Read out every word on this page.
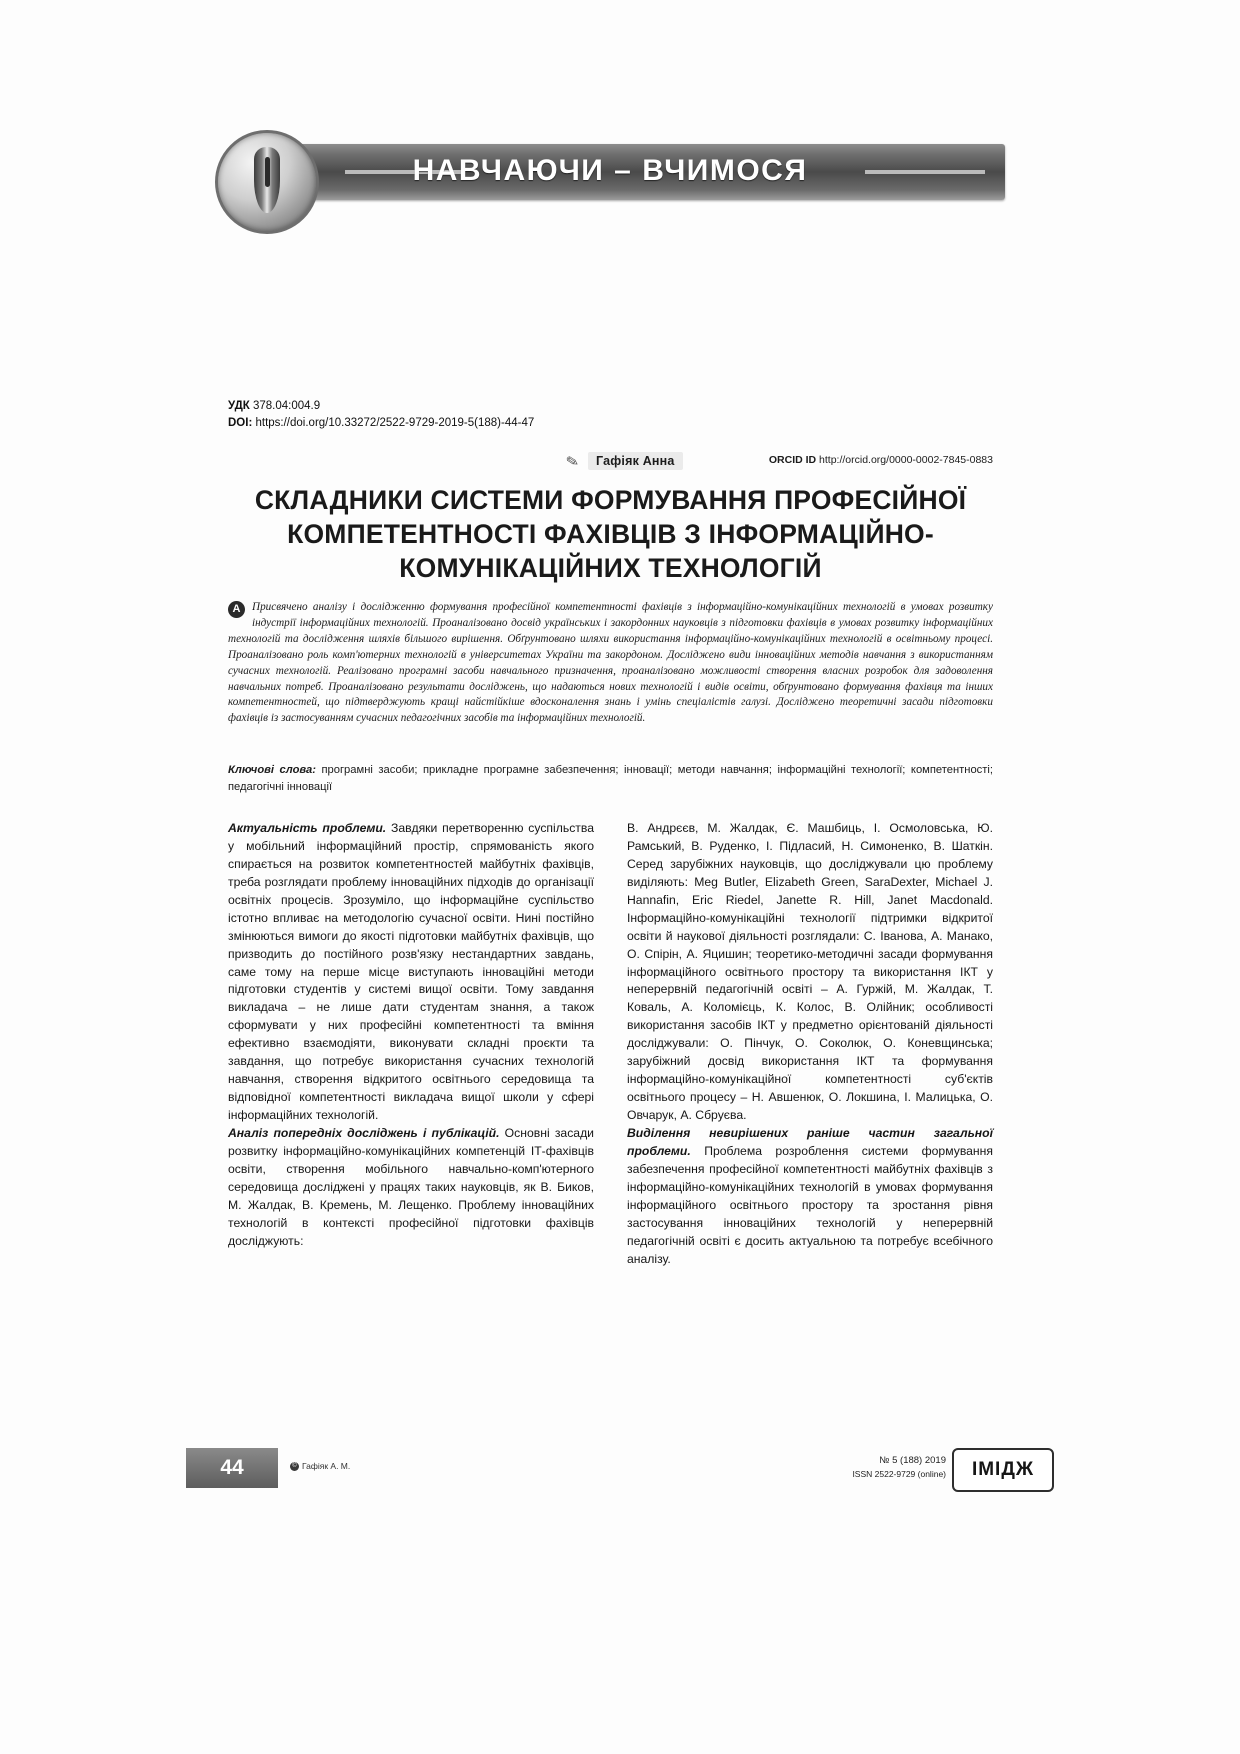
НАВЧАЮЧИ – ВЧИМОСЯ
УДК 378.04:004.9
DOI: https://doi.org/10.33272/2522-9729-2019-5(188)-44-47
✎	Гафіяк Анна	ORCID ID http://orcid.org/0000-0002-7845-0883
СКЛАДНИКИ СИСТЕМИ ФОРМУВАННЯ ПРОФЕСІЙНОЇ КОМПЕТЕНТНОСТІ ФАХІВЦІВ З ІНФОРМАЦІЙНО-КОМУНІКАЦІЙНИХ ТЕХНОЛОГІЙ
А	Присвячено аналізу і дослідженню формування професійної компетентності фахівців з інформаційно-комунікаційних технологій в умовах розвитку індустрії інформаційних технологій. Проаналізовано досвід українських і закордонних науковців з підготовки фахівців в умовах розвитку інформаційних технологій та дослідження шляхів більшого вирішення. Обґрунтовано шляхи використання інформаційно-комунікаційних технологій в освітньому процесі. Проаналізовано роль комп'ютерних технологій в університетах України та закордоном. Досліджено види інноваційних методів навчання з використанням сучасних технологій. Реалізовано програмні засоби навчального призначення, проаналізовано можливості створення власних розробок для задоволення навчальних потреб. Проаналізовано результати досліджень, що надаються нових технологій і видів освіти, обґрунтовано формування фахівця та інших компетентностей, що підтверджують кращі найстійкіше вдосконалення знань і умінь спеціалістів галузі. Досліджено теоретичні засади підготовки фахівців із застосуванням сучасних педагогічних засобів та інформаційних технологій.
Ключові слова: програмні засоби; прикладне програмне забезпечення; інновації; методи навчання; інформаційні технології; компетентності; педагогічні інновації

Актуальність проблеми. Завдяки перетворенню суспільства у мобільний інформаційний простір, спрямованість якого спирається на розвиток компетентностей майбутніх фахівців, треба розглядати проблему інноваційних підходів до організації освітніх процесів. Зрозуміло, що інформаційне суспільство істотно впливає на методологію сучасної освіти. Нині постійно змінюються вимоги до якості підготовки майбутніх фахівців, що призводить до постійного розв'язку нестандартних завдань, саме тому на перше місце виступають інноваційні методи підготовки студентів у системі вищої освіти. Тому завдання викладача – не лише дати студентам знання, а також сформувати у них професійні компетентності та вміння ефективно взаємодіяти, виконувати складні проєкти та завдання, що потребує використання сучасних технологій навчання, створення відкритого освітнього середовища та відповідної компетентності викладача вищої школи у сфері інформаційних технологій.

Аналіз попередніх досліджень і публікацій. Основні засади розвитку інформаційно-комунікаційних компетенцій ІТ-фахівців освіти, створення мобільного навчально-комп'ютерного середовища досліджені у працях таких науковців, як В. Биков, М. Жалдак, В. Кремень, М. Лещенко. Проблему інноваційних технологій в контексті професійної підготовки фахівців досліджують:

В. Андрєєв, М. Жалдак, Є. Машбиць, І. Осмоловська, Ю. Рамський, В. Руденко, І. Підласий, Н. Симоненко, В. Шаткін. Серед зарубіжних науковців, що досліджували цю проблему виділяють: Meg Butler, Elizabeth Green, SaraDexter, Michael J. Hannafin, Eric Riedel, Janette R. Hill, Janet Macdonald. Інформаційно-комунікаційні технології підтримки відкритої освіти й наукової діяльності розглядали: С. Іванова, А. Манако, О. Спірін, А. Яцишин; теоретико-методичні засади формування інформаційного освітнього простору та використання ІКТ у неперервній педагогічній освіті – А. Гуржій, М. Жалдак, Т. Коваль, А. Коломієць, К. Колос, В. Олійник; особливості використання засобів ІКТ у предметно орієнтованій діяльності досліджували: О. Пінчук, О. Соколюк, О. Коневщинська; зарубіжний досвід використання ІКТ та формування інформаційно-комунікаційної компетентності суб'єктів освітнього процесу – Н. Авшенюк, О. Локшина, І. Малицька, О. Овчарук, А. Сбруєва.

Виділення невирішених раніше частин загальної проблеми. Проблема розроблення системи формування забезпечення професійної компетентності майбутніх фахівців з інформаційно-комунікаційних технологій в умовах формування інформаційного освітнього простору та зростання рівня застосування інноваційних технологій у неперервній педагогічній освіті є досить актуальною та потребує всебічного аналізу.

44	© Гафіяк А. М.	№ 5 (188) 2019
ISSN 2522-9729 (online)	ІМІДЖ
